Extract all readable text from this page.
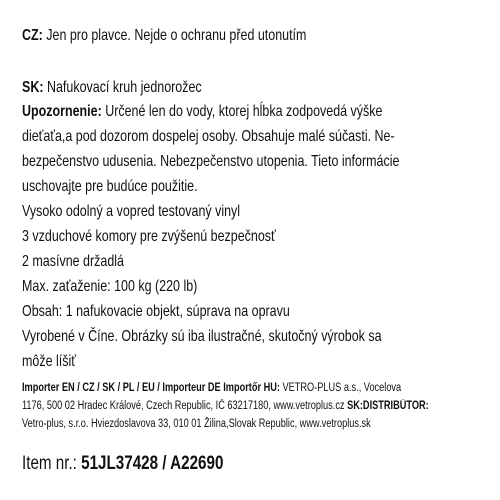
CZ: Jen pro plavce. Nejde o ochranu před utonutím
SK: Nafukovací kruh jednorožec
Upozornenie: Určené len do vody, ktorej hĺbka zodpovedá výške
dieťaťa,a pod dozorom dospelej osoby. Obsahuje malé súčasti. Ne-
bezpečenstvo udusenia. Nebezpečenstvo utopenia. Tieto informácie
uschovajte pre budúce použitie.
Vysoko odolný a vopred testovaný vinyl
3 vzduchové komory pre zvýšenú bezpečnosť
2 masívne držadlá
Max. zaťaženie: 100 kg (220 lb)
Obsah: 1 nafukovacie objekt, súprava na opravu
Vyrobené v Číne. Obrázky sú iba ilustračné, skutočný výrobok sa
môže líšiť
Importer EN / CZ / SK / PL / EU / Importeur DE Importőr HU: VETRO-PLUS a.s., Vocelova
1176, 500 02 Hradec Králové, Czech Republic, IČ 63217180, www.vetroplus.cz SK:DISTRIBÚTOR:
Vetro-plus, s.r.o. Hviezdoslavova 33, 010 01 Žilina,Slovak Republic, www.vetroplus.sk
Item nr.: 51JL37428 / A22690
